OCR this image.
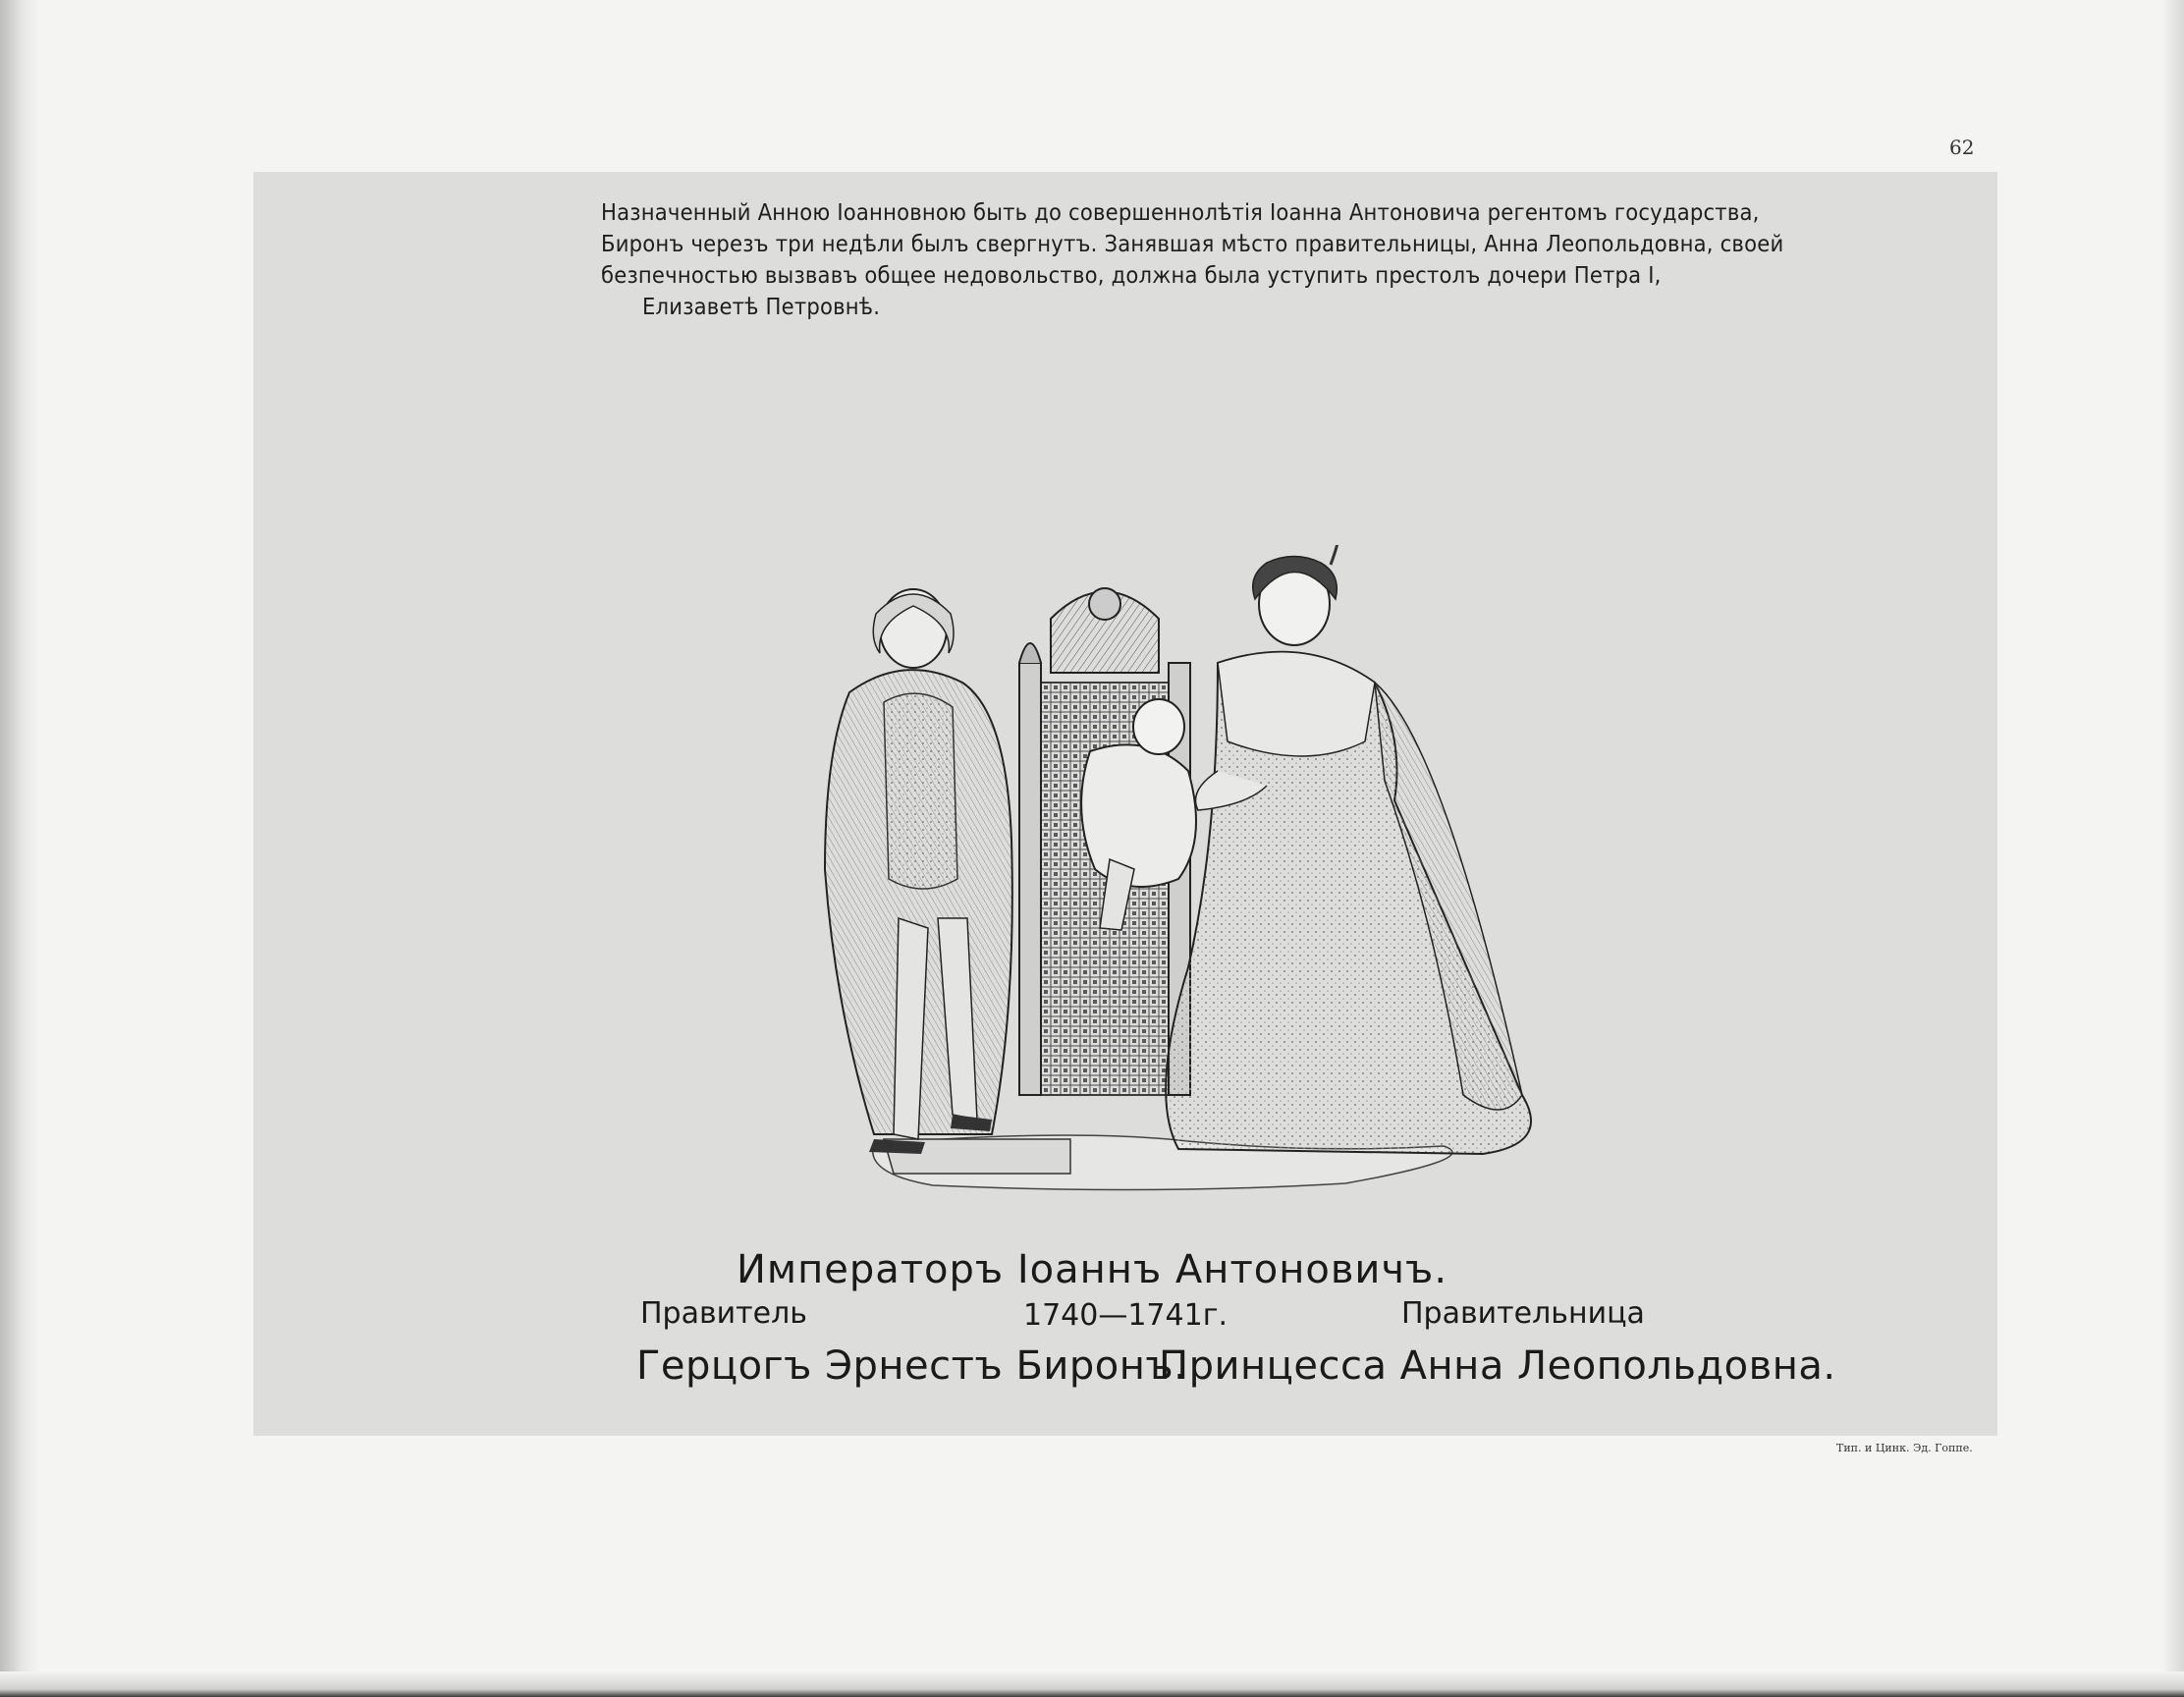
62
Назначенный Анною Іоанновною быть до совершеннолѣтія Іоанна Антоновича регентомъ государства,
Биронъ черезъ три недѣли былъ свергнутъ. Занявшая мѣсто правительницы, Анна Леопольдовна, своей
безпечностью вызвавъ общее недовольство, должна была уступить престолъ дочери Петра І,
Елизаветѣ Петровнѣ.
Императоръ Іоаннъ Антоновичъ.
Правитель	1740—1741г.	Правительница
Герцогъ Эрнестъ Биронъ.
Принцесса Анна Леопольдовна.
Тип. и Цинк. Эд. Гоппе.
